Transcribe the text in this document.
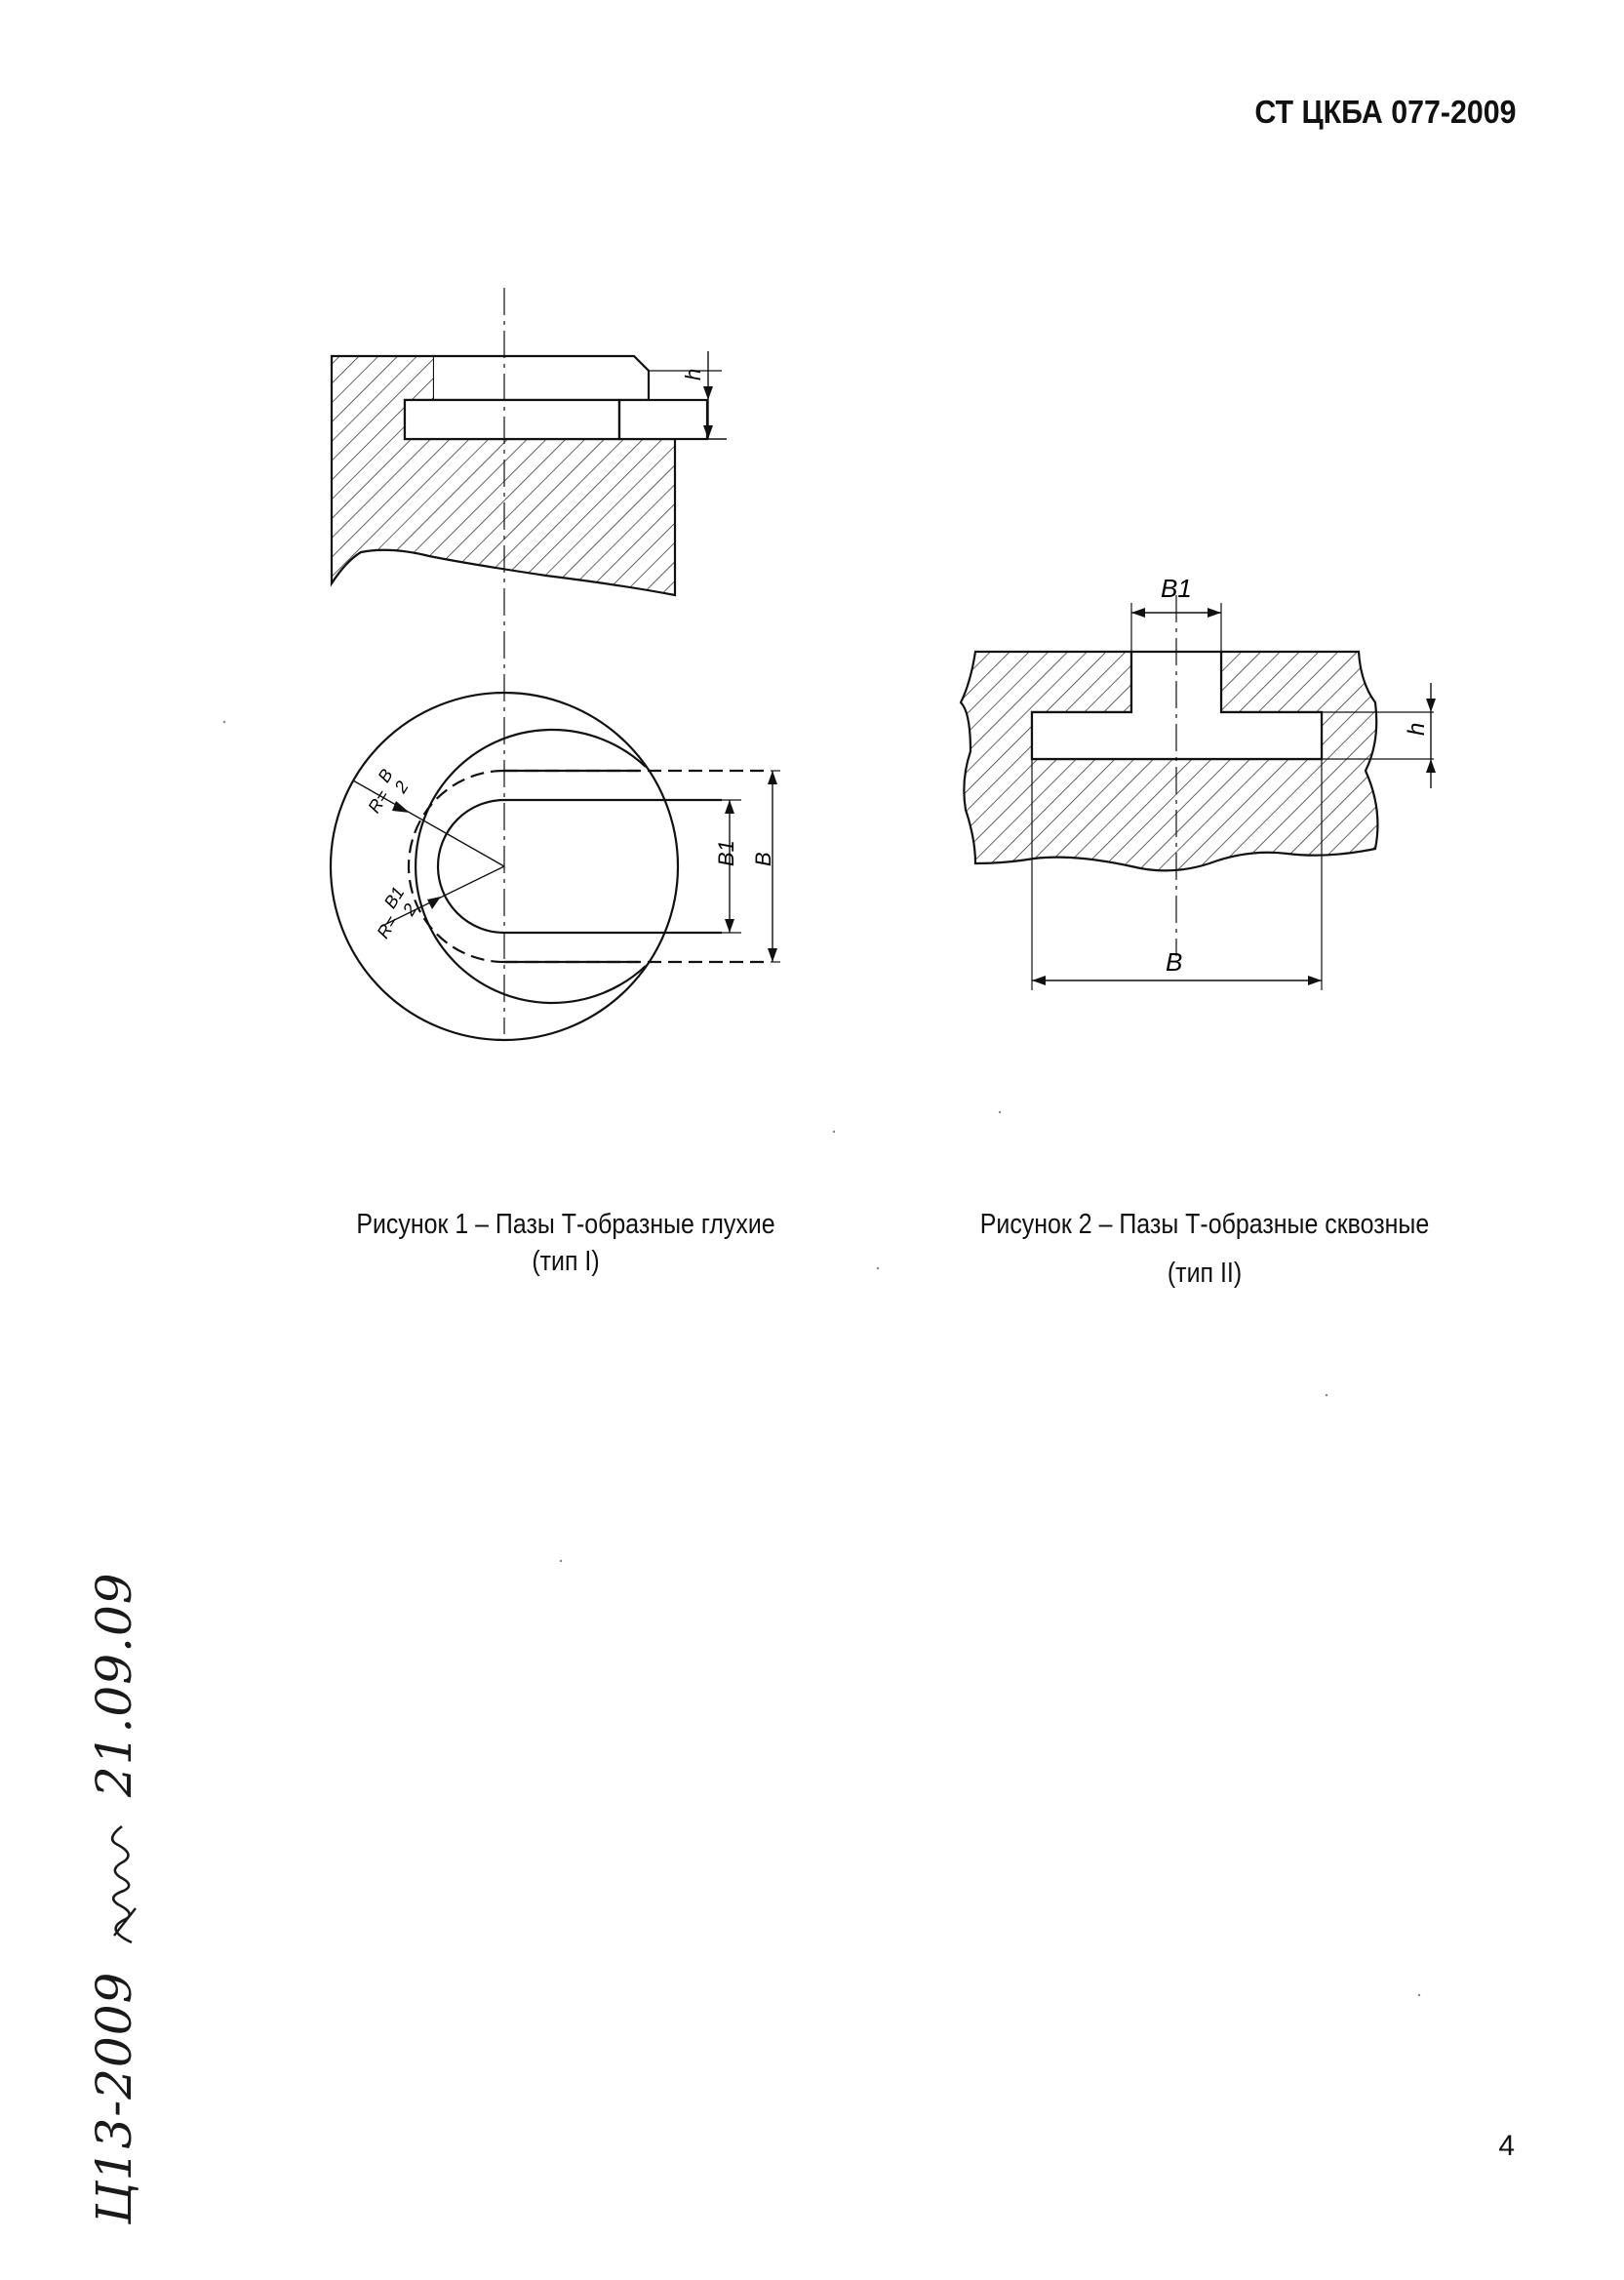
СТ ЦКБА 077-2009
h
B1 B
R=
B
2
R=
B1
2
B1
B
h
Рисунок 1 – Пазы Т-образные глухие
(тип I)
Рисунок 2 – Пазы Т-образные сквозные
(тип II)
Ц13-2009  21.09.09
4
